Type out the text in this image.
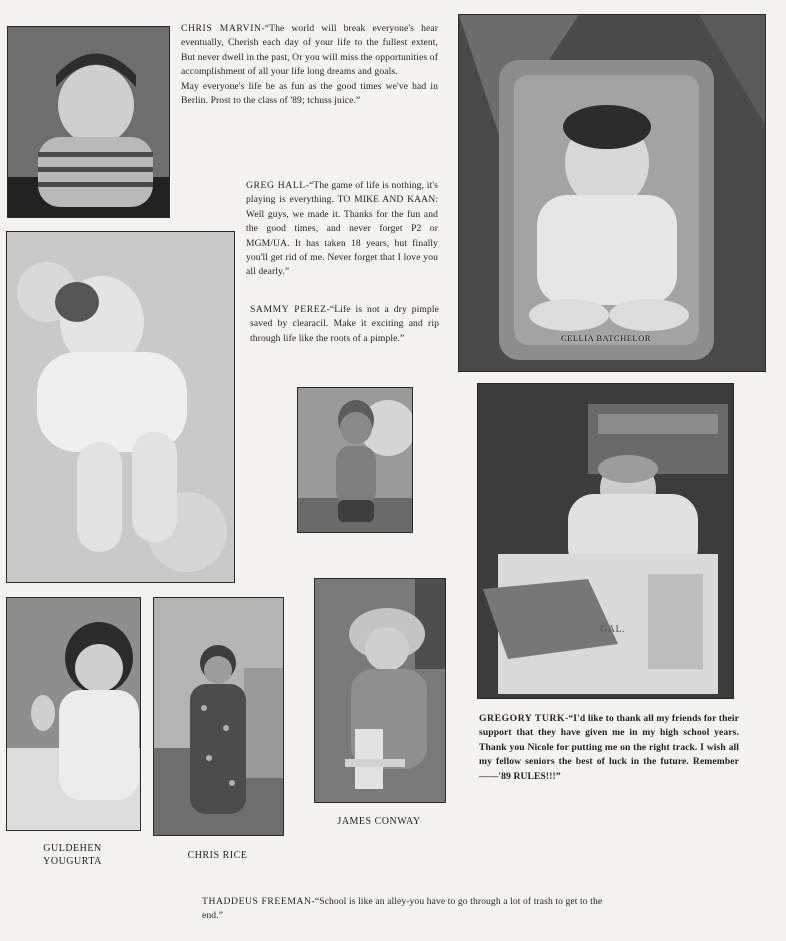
CELLIA BATCHELOR
GAL.
CHRIS MARVIN-“The world will break everyone's hear eventually, Cherish each day of your life to the fullest extent, But never dwell in the past, Or you will miss the opportunities of accomplishment of all your life long dreams and goals.
May everyone's life be as fun as the good times we've had in Berlin. Prost to the class of '89; tchuss juice.”
GREG HALL-“The game of life is nothing, it's playing is everything. TO MIKE AND KAAN: Well guys, we made it. Thanks for the fun and the good times, and never forget P2 or MGM/UA. It has taken 18 years, but finally you'll get rid of me. Never forget that I love you all dearly.”
SAMMY PEREZ-“Life is not a dry pimple saved by clearacil. Make it exciting and rip through life like the roots of a pimple.”
GREGORY TURK-“I'd like to thank all my friends for their support that they have given me in my high school years. Thank you Nicole for putting me on the right track. I wish all my fellow seniors the best of luck in the future. Remember——'89 RULES!!!”
THADDEUS FREEMAN-“School is like an alley-you have to go through a lot of trash to get to the end.”
GULDEHEN
YOUGURTA
CHRIS RICE
JAMES CONWAY
